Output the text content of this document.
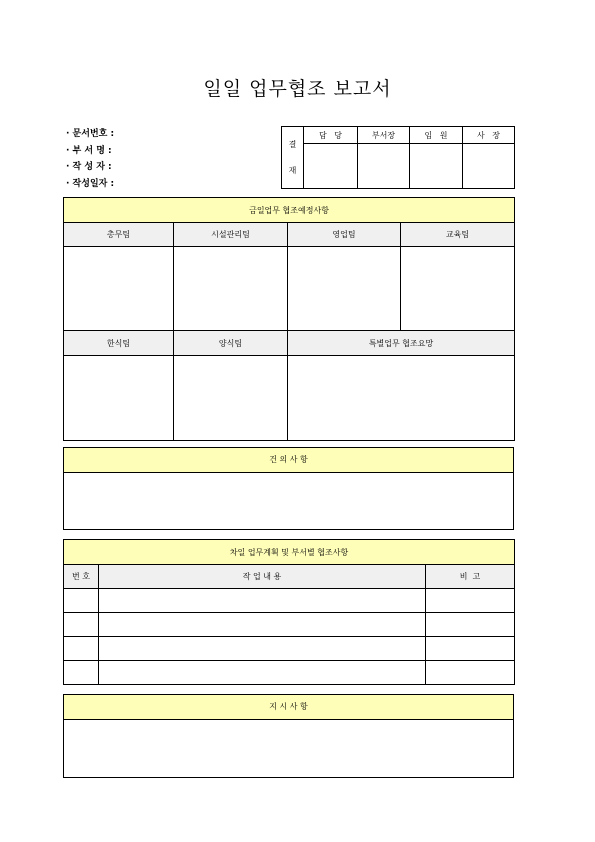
일일 업무협조 보고서
· 문서번호 :
· 부 서 명 :
· 작 성 자 :
· 작성일자 :
결
재	담   당	부서장	임   원	사   장

금일업무 협조예정사항			
총무팀	시설관리팀	영업팀	교육팀

한식팀	양식팀	특별업무 협조요망	

건 의 사 항
차일 업무계획 및 부서별 협조사항		
번 호	작 업 내 용	비  고

지 시 사 항
